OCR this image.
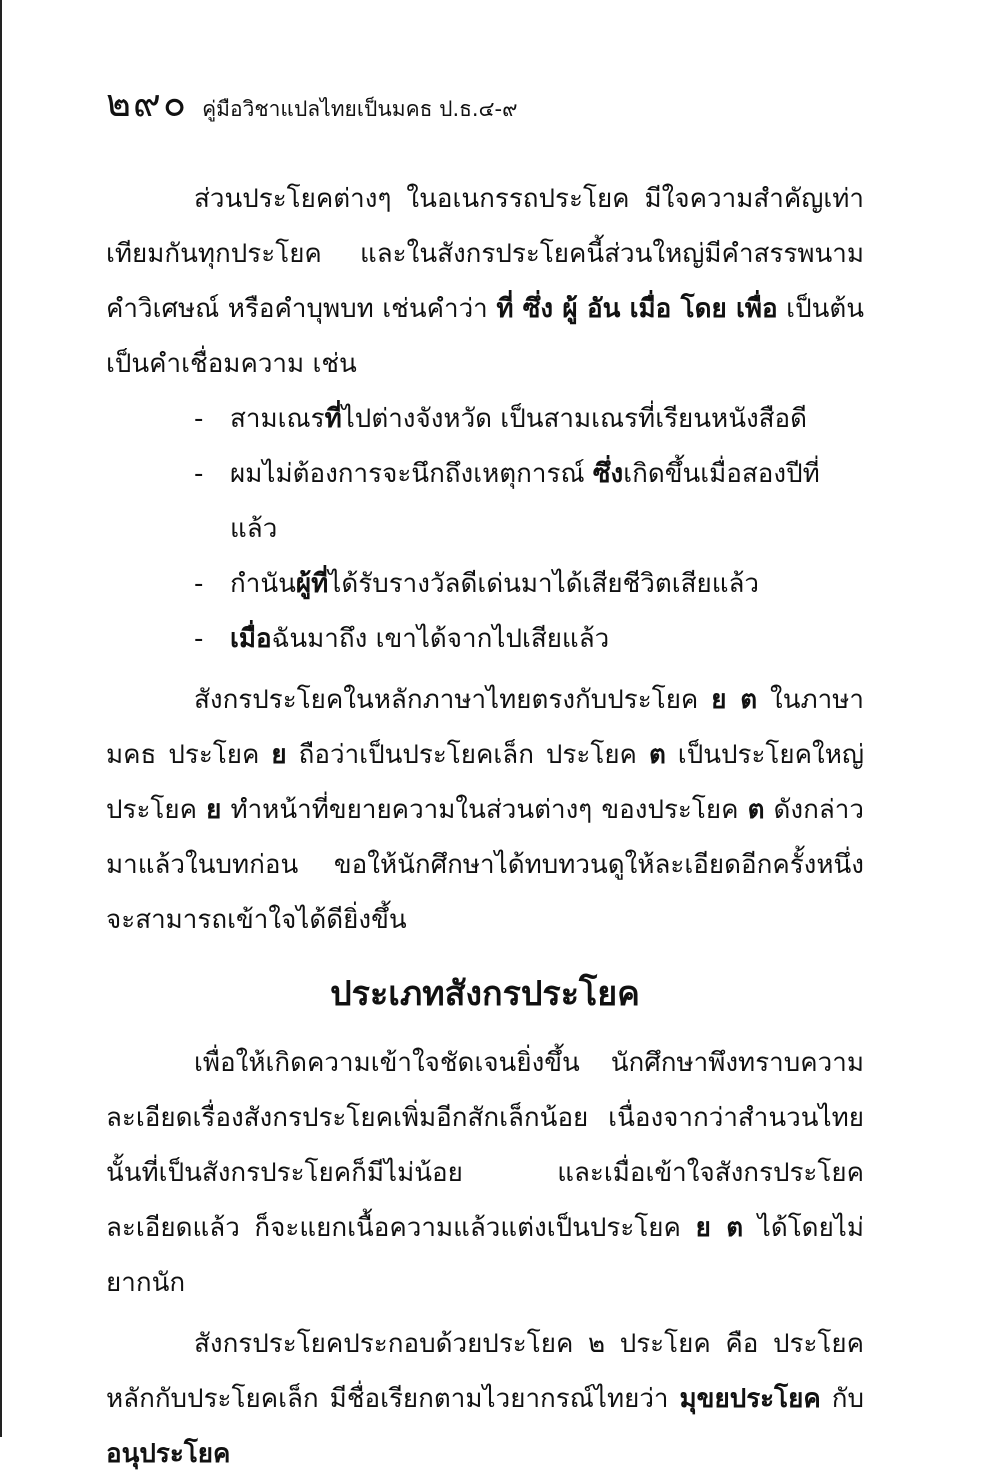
๒๙๐ คู่มือวิชาแปลไทยเป็นมคธ ป.ธ.๔-๙

ส่วนประโยคต่างๆ ในอเนกรรถประโยค มีใจความสำคัญเท่าเทียมกันทุกประโยค และในสังกรประโยคนี้ส่วนใหญ่มีคำสรรพนาม คำวิเศษณ์ หรือคำบุพบท เช่นคำว่า ที่ ซึ่ง ผู้ อัน เมื่อ โดย เพื่อ เป็นต้น เป็นคำเชื่อมความ เช่น

-	สามเณรที่ไปต่างจังหวัด เป็นสามเณรที่เรียนหนังสือดี
-	ผมไม่ต้องการจะนึกถึงเหตุการณ์ ซึ่งเกิดขึ้นเมื่อสองปีที่แล้ว
-	กำนันผู้ที่ได้รับรางวัลดีเด่นมาได้เสียชีวิตเสียแล้ว
-	เมื่อฉันมาถึง เขาได้จากไปเสียแล้ว

สังกรประโยคในหลักภาษาไทยตรงกับประโยค ย ต ในภาษามคธ ประโยค ย ถือว่าเป็นประโยคเล็ก ประโยค ต เป็นประโยคใหญ่ ประโยค ย ทำหน้าที่ขยายความในส่วนต่างๆ ของประโยค ต ดังกล่าวมาแล้วในบทก่อน ขอให้นักศึกษาได้ทบทวนดูให้ละเอียดอีกครั้งหนึ่งจะสามารถเข้าใจได้ดียิ่งขึ้น

ประเภทสังกรประโยค

เพื่อให้เกิดความเข้าใจชัดเจนยิ่งขึ้น นักศึกษาพึงทราบความละเอียดเรื่องสังกรประโยคเพิ่มอีกสักเล็กน้อย เนื่องจากว่าสำนวนไทยนั้นที่เป็นสังกรประโยคก็มีไม่น้อย และเมื่อเข้าใจสังกรประโยคละเอียดแล้ว ก็จะแยกเนื้อความแล้วแต่งเป็นประโยค ย ต ได้โดยไม่ยากนัก

สังกรประโยคประกอบด้วยประโยค ๒ ประโยค คือ ประโยคหลักกับประโยคเล็ก มีชื่อเรียกตามไวยากรณ์ไทยว่า มุขยประโยค กับ อนุประโยค
